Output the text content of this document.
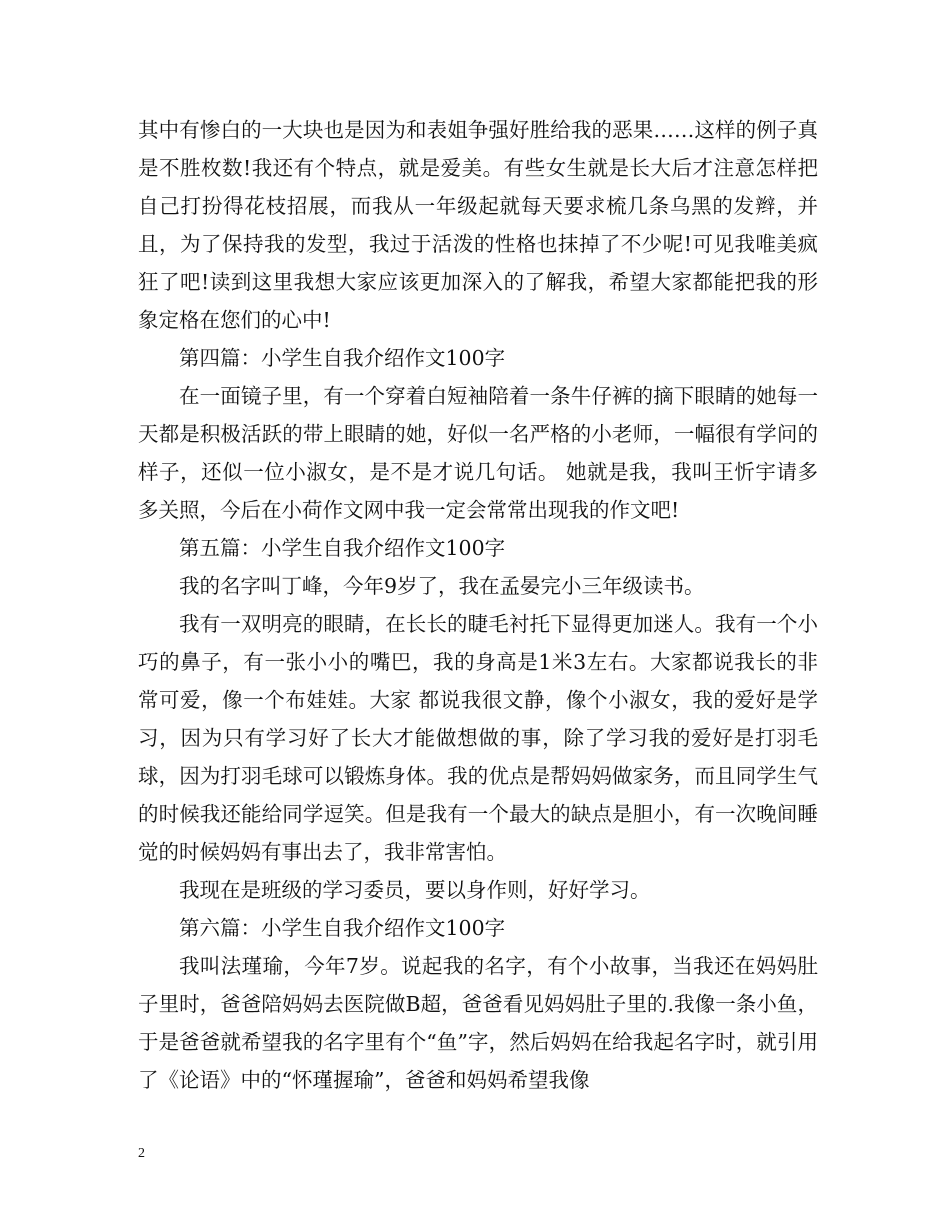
其中有惨白的一大块也是因为和表姐争强好胜给我的恶果……这样的例子真是不胜枚数!我还有个特点，就是爱美。有些女生就是长大后才注意怎样把自己打扮得花枝招展，而我从一年级起就每天要求梳几条乌黑的发辫，并且，为了保持我的发型，我过于活泼的性格也抹掉了不少呢!可见我唯美疯狂了吧!读到这里我想大家应该更加深入的了解我，希望大家都能把我的形象定格在您们的心中!

第四篇：小学生自我介绍作文100字

在一面镜子里，有一个穿着白短袖陪着一条牛仔裤的摘下眼睛的她每一天都是积极活跃的带上眼睛的她，好似一名严格的小老师，一幅很有学问的样子，还似一位小淑女，是不是才说几句话。 她就是我，我叫王忻宇请多多关照，今后在小荷作文网中我一定会常常出现我的作文吧!

第五篇：小学生自我介绍作文100字

我的名字叫丁峰，今年9岁了，我在孟晏完小三年级读书。

我有一双明亮的眼睛，在长长的睫毛衬托下显得更加迷人。我有一个小巧的鼻子，有一张小小的嘴巴，我的身高是1米3左右。大家都说我长的非常可爱，像一个布娃娃。大家 都说我很文静，像个小淑女，我的爱好是学习，因为只有学习好了长大才能做想做的事，除了学习我的爱好是打羽毛球，因为打羽毛球可以锻炼身体。我的优点是帮妈妈做家务，而且同学生气的时候我还能给同学逗笑。但是我有一个最大的缺点是胆小，有一次晚间睡觉的时候妈妈有事出去了，我非常害怕。

我现在是班级的学习委员，要以身作则，好好学习。

第六篇：小学生自我介绍作文100字

我叫法瑾瑜，今年7岁。说起我的名字，有个小故事，当我还在妈妈肚子里时，爸爸陪妈妈去医院做B超，爸爸看见妈妈肚子里的.我像一条小鱼，于是爸爸就希望我的名字里有个“鱼”字，然后妈妈在给我起名字时，就引用了《论语》中的“怀瑾握瑜”，爸爸和妈妈希望我像

2
